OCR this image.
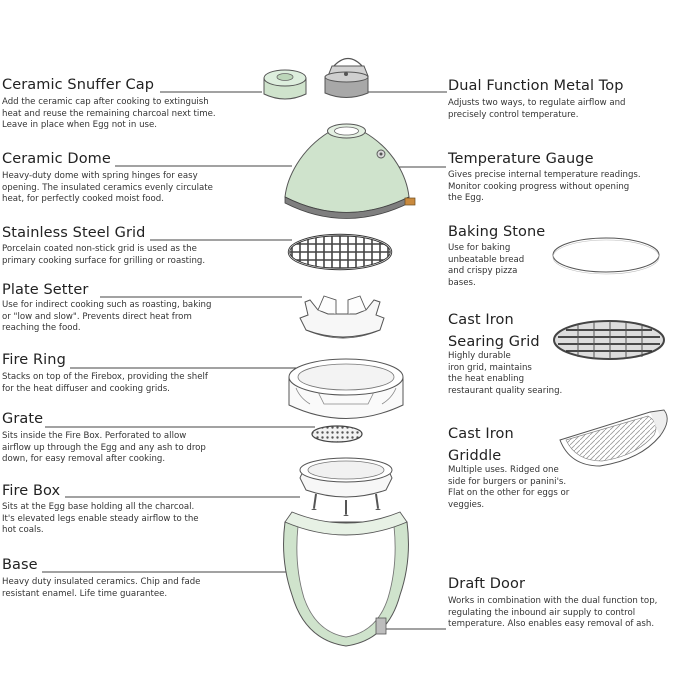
Ceramic Snuffer Cap
Add the ceramic cap after cooking to extinguish
heat and reuse the remaining charcoal next time.
Leave in place when Egg not in use.
Ceramic Dome
Heavy-duty dome with spring hinges for easy
opening. The insulated ceramics evenly circulate
heat, for perfectly cooked moist food.
Stainless Steel Grid
Porcelain coated non-stick grid is used as the
primary cooking surface for grilling or roasting.
Plate Setter
Use for indirect cooking such as roasting, baking
or "low and slow". Prevents direct heat from
reaching the food.
Fire Ring
Stacks on top of the Firebox, providing the shelf
for the heat diffuser and cooking grids.
Grate
Sits inside the Fire Box. Perforated to allow
airflow up through the Egg and any ash to drop
down, for easy removal after cooking.
Fire Box
Sits at the Egg base holding all the charcoal.
It's elevated legs enable steady airflow to the
hot coals.
Base
Heavy duty insulated ceramics. Chip and fade
resistant enamel. Life time guarantee.
Dual Function Metal Top
Adjusts two ways, to regulate airflow and
precisely control temperature.
Temperature Gauge
Gives precise internal temperature readings.
Monitor cooking progress without opening
the Egg.
Baking Stone
Use for baking
unbeatable bread
and crispy pizza
bases.
Cast Iron Searing Grid
Highly durable
iron grid, maintains
the heat enabling
restaurant quality searing.
Cast Iron Griddle
Multiple uses. Ridged one
side for burgers or panini's.
Flat on the other for eggs or
veggies.
Draft Door
Works in combination with the dual function top,
regulating the inbound air supply to control
temperature. Also enables easy removal of ash.
